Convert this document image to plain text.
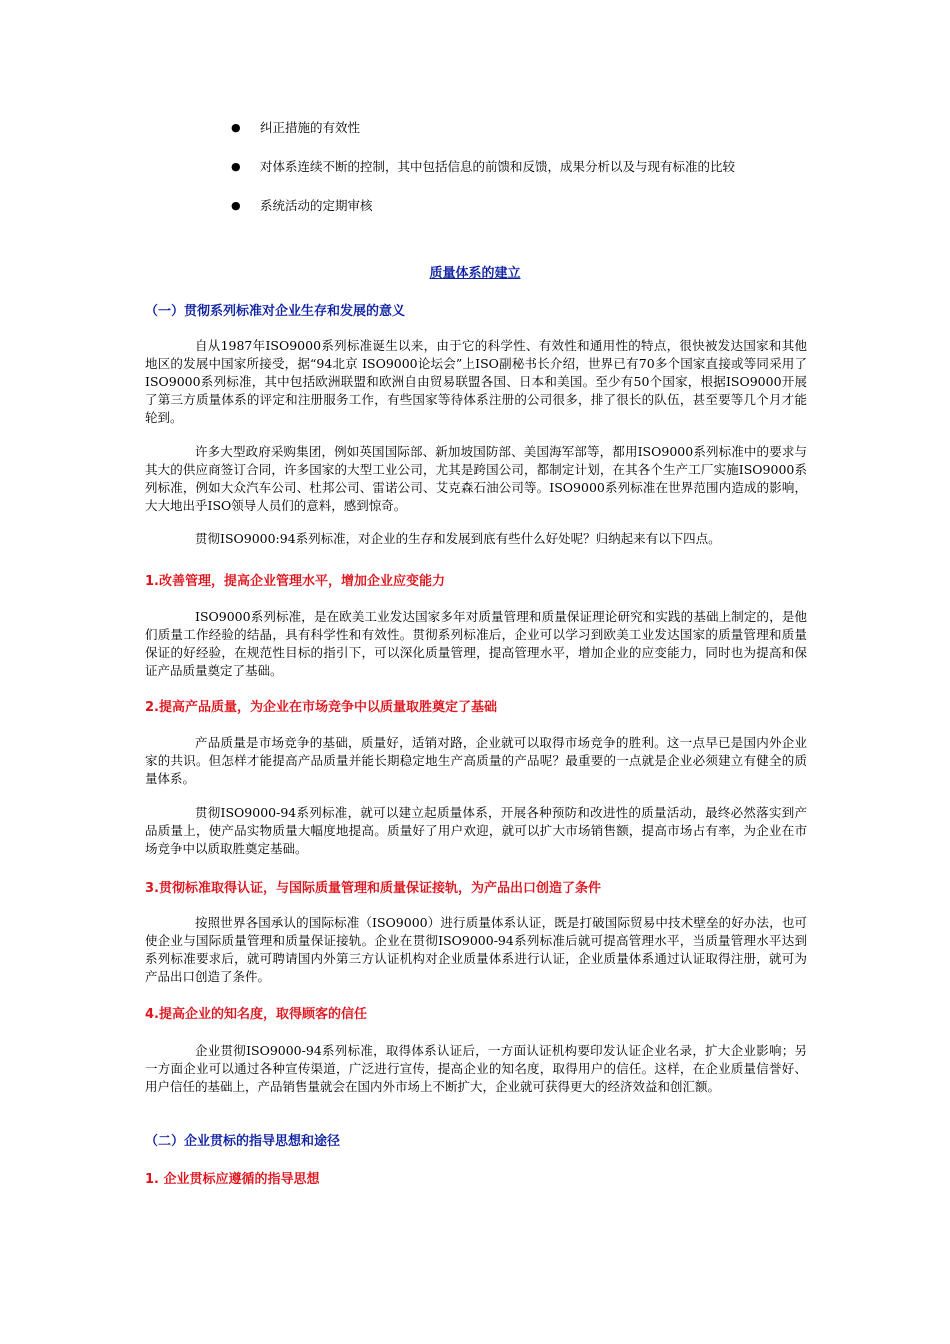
● 纠正措施的有效性
● 对体系连续不断的控制，其中包括信息的前馈和反馈，成果分析以及与现有标准的比较
● 系统活动的定期审核
质量体系的建立
（一）贯彻系列标准对企业生存和发展的意义

自从1987年ISO9000系列标准诞生以来，由于它的科学性、有效性和通用性的特点，很快被发达国家和其他地区的发展中国家所接受，据“94北京 ISO9000论坛会”上ISO副秘书长介绍，世界已有70多个国家直接或等同采用了ISO9000系列标准，其中包括欧洲联盟和欧洲自由贸易联盟各国、日本和美国。至少有50个国家，根据ISO9000开展了第三方质量体系的评定和注册服务工作，有些国家等待体系注册的公司很多，排了很长的队伍，甚至要等几个月才能轮到。

许多大型政府采购集团，例如英国国际部、新加坡国防部、美国海军部等，都用ISO9000系列标准中的要求与其大的供应商签订合同，许多国家的大型工业公司，尤其是跨国公司，都制定计划，在其各个生产工厂实施ISO9000系列标准，例如大众汽车公司、杜邦公司、雷诺公司、艾克森石油公司等。ISO9000系列标准在世界范围内造成的影响，大大地出乎ISO领导人员们的意料，感到惊奇。

贯彻ISO9000:94系列标准，对企业的生存和发展到底有些什么好处呢？归纳起来有以下四点。

1.改善管理，提高企业管理水平，增加企业应变能力

ISO9000系列标准，是在欧美工业发达国家多年对质量管理和质量保证理论研究和实践的基础上制定的，是他们质量工作经验的结晶，具有科学性和有效性。贯彻系列标准后，企业可以学习到欧美工业发达国家的质量管理和质量保证的好经验，在规范性目标的指引下，可以深化质量管理，提高管理水平，增加企业的应变能力，同时也为提高和保证产品质量奠定了基础。

2.提高产品质量，为企业在市场竞争中以质量取胜奠定了基础

产品质量是市场竞争的基础，质量好，适销对路，企业就可以取得市场竞争的胜利。这一点早已是国内外企业家的共识。但怎样才能提高产品质量并能长期稳定地生产高质量的产品呢？最重要的一点就是企业必须建立有健全的质量体系。

贯彻ISO9000-94系列标准，就可以建立起质量体系，开展各种预防和改进性的质量活动，最终必然落实到产品质量上，使产品实物质量大幅度地提高。质量好了用户欢迎，就可以扩大市场销售额，提高市场占有率，为企业在市场竞争中以质取胜奠定基础。

3.贯彻标准取得认证，与国际质量管理和质量保证接轨，为产品出口创造了条件

按照世界各国承认的国际标准（ISO9000）进行质量体系认证，既是打破国际贸易中技术壁垒的好办法，也可使企业与国际质量管理和质量保证接轨。企业在贯彻ISO9000-94系列标准后就可提高管理水平，当质量管理水平达到系列标准要求后，就可聘请国内外第三方认证机构对企业质量体系进行认证，企业质量体系通过认证取得注册，就可为产品出口创造了条件。

4.提高企业的知名度，取得顾客的信任

企业贯彻ISO9000-94系列标准，取得体系认证后，一方面认证机构要印发认证企业名录，扩大企业影响；另一方面企业可以通过各种宣传渠道，广泛进行宣传，提高企业的知名度，取得用户的信任。这样，在企业质量信誉好、用户信任的基础上，产品销售量就会在国内外市场上不断扩大，企业就可获得更大的经济效益和创汇额。

（二）企业贯标的指导思想和途径
1. 企业贯标应遵循的指导思想
